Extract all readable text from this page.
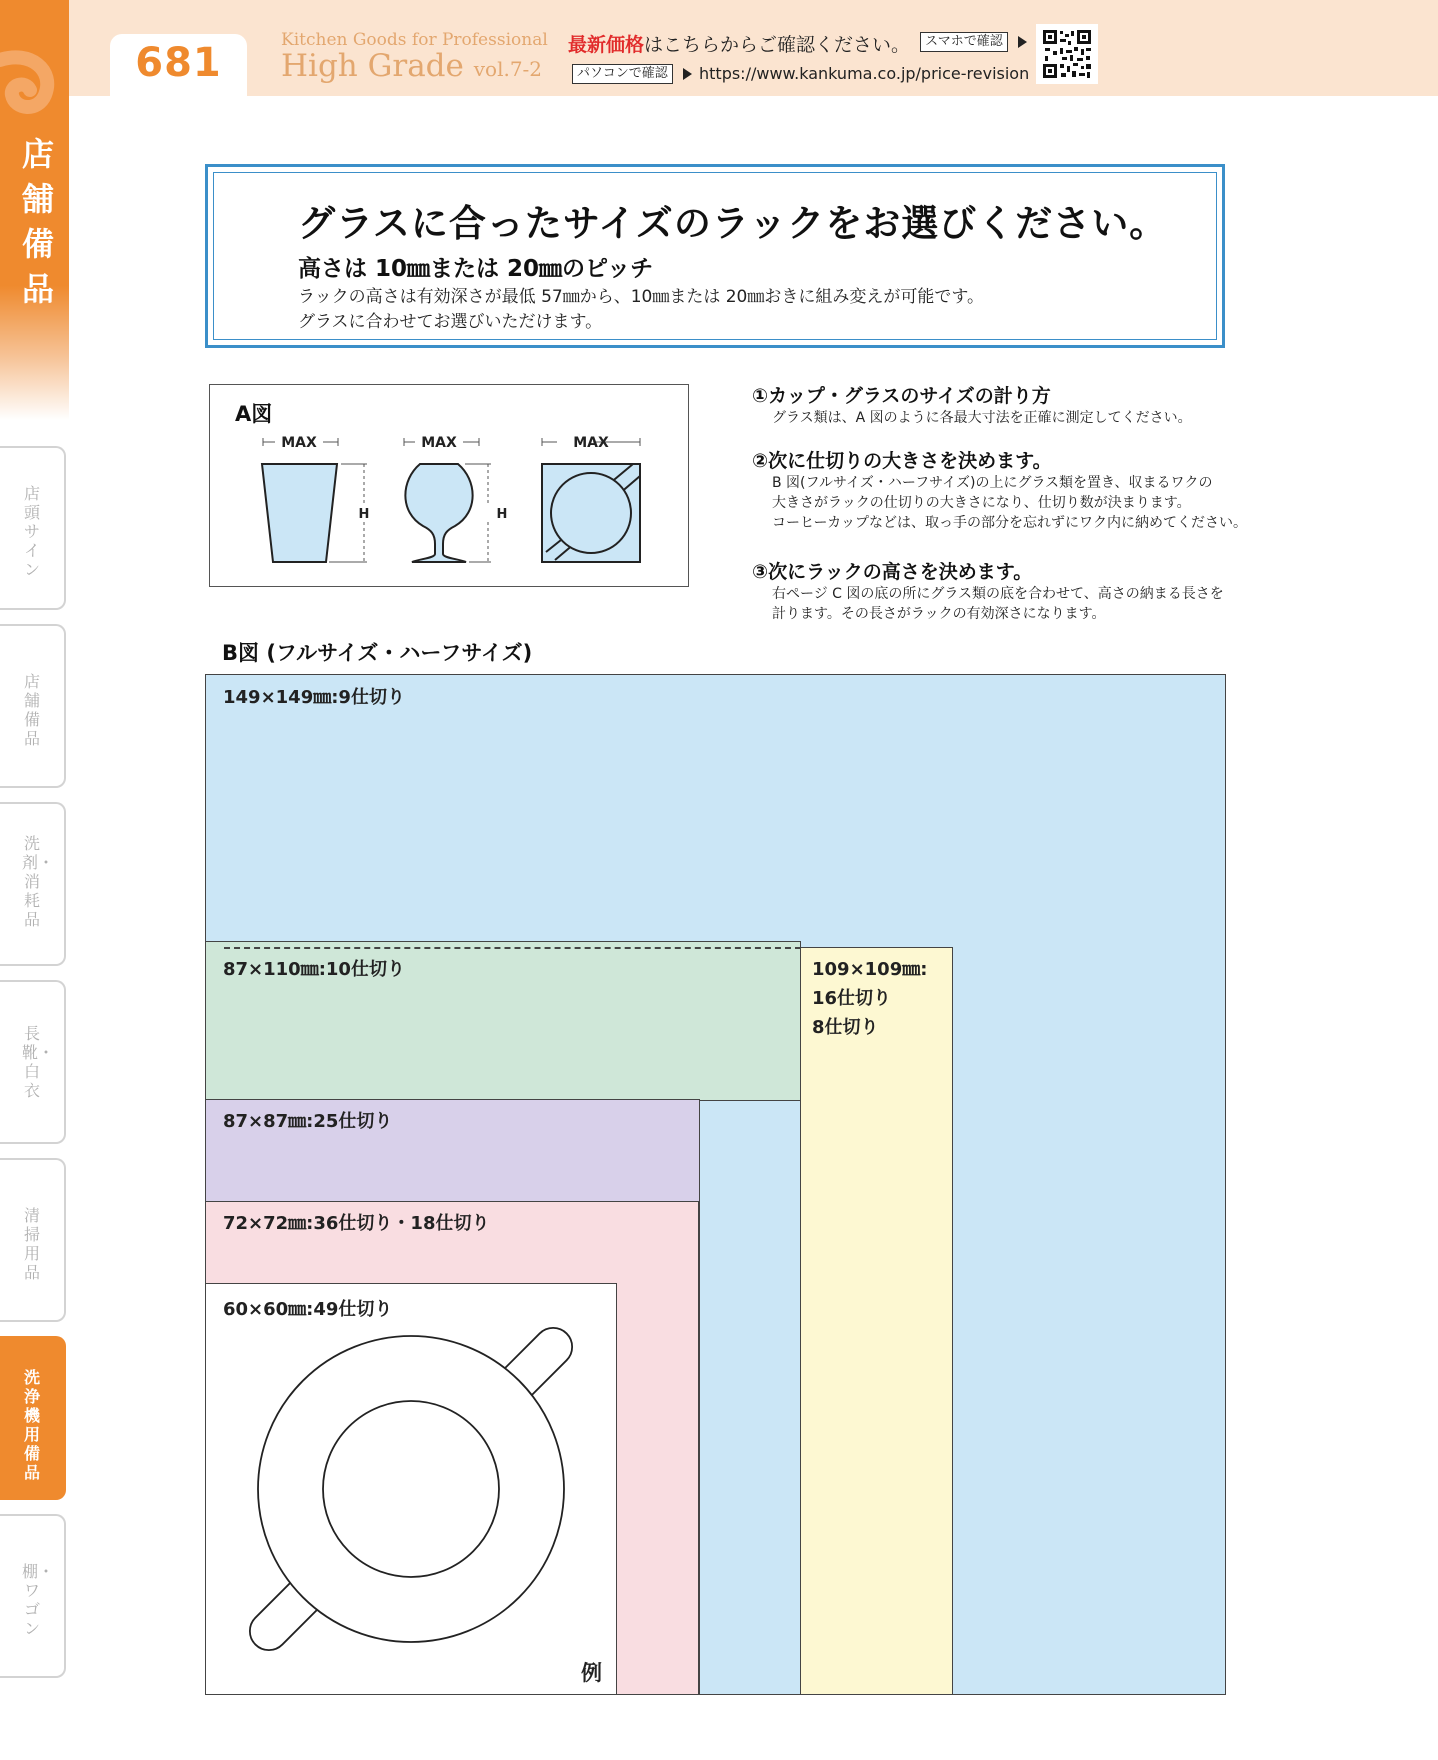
681	Kitchen Goods for Professional
High Grade vol.7-2
最新価格はこちらからご確認ください。	スマホで確認
パソコンで確認	https://www.kankuma.co.jp/price-revision
店舗備品
店頭サイン
店舗備品
洗剤・消耗品
長靴・白衣
清掃用品
洗浄機用備品
棚・ワゴン
グラスに合ったサイズのラックをお選びください。
高さは 10㎜または 20㎜のピッチ
ラックの高さは有効深さが最低 57㎜から、10㎜または 20㎜おきに組み変えが可能です。
グラスに合わせてお選びいただけます。
MAX
H
MAX
H
MAX
A図
①カップ・グラスのサイズの計り方
グラス類は、A 図のように各最大寸法を正確に測定してください。
②次に仕切りの大きさを決めます。
B 図(フルサイズ・ハーフサイズ)の上にグラス類を置き、収まるワクの
大きさがラックの仕切りの大きさになり、仕切り数が決まります。
コーヒーカップなどは、取っ手の部分を忘れずにワク内に納めてください。
③次にラックの高さを決めます。
右ページ C 図の底の所にグラス類の底を合わせて、高さの納まる長さを
計ります。その長さがラックの有効深さになります。
B図 (フルサイズ・ハーフサイズ)
149×149㎜:9仕切り
87×110㎜:10仕切り	109×109㎜:
16仕切り
8仕切り
87×87㎜:25仕切り
72×72㎜:36仕切り・18仕切り
60×60㎜:49仕切り
例
